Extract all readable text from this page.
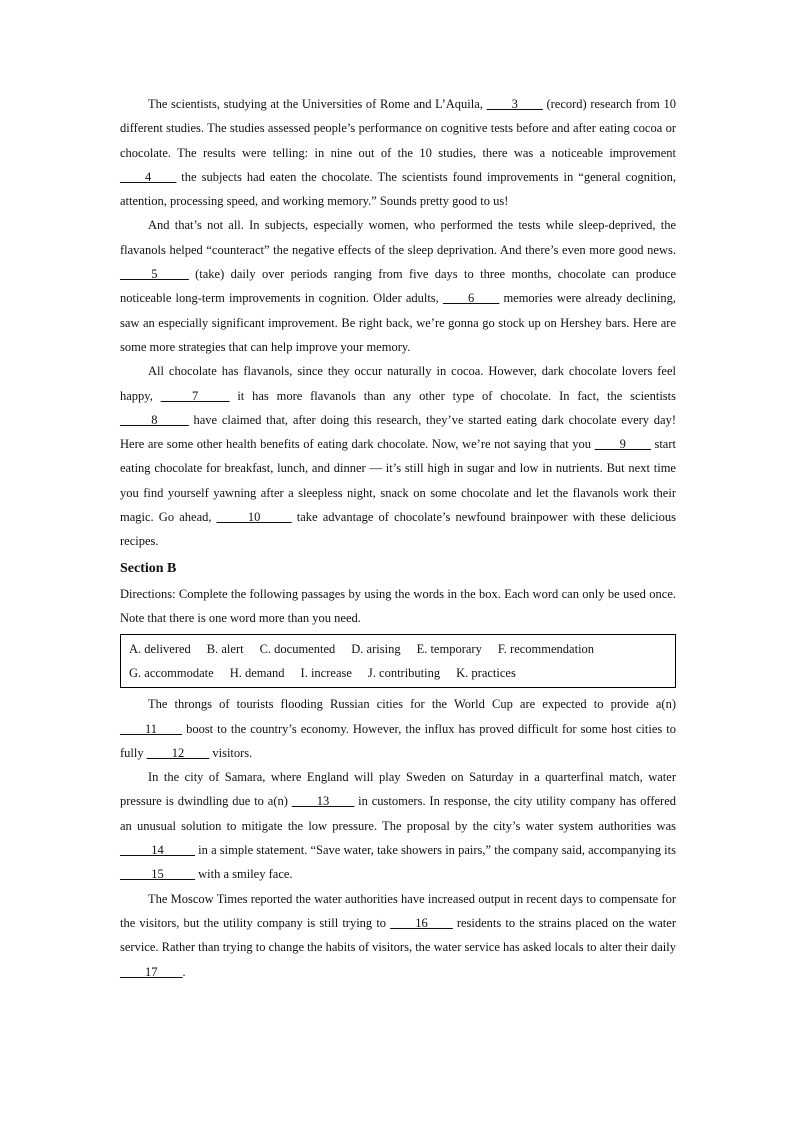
The scientists, studying at the Universities of Rome and L’Aquila, ____3____ (record) research from 10 different studies. The studies assessed people’s performance on cognitive tests before and after eating cocoa or chocolate. The results were telling: in nine out of the 10 studies, there was a noticeable improvement ____4____ the subjects had eaten the chocolate. The scientists found improvements in “general cognition, attention, processing speed, and working memory.” Sounds pretty good to us!

And that’s not all. In subjects, especially women, who performed the tests while sleep-deprived, the flavanols helped “counteract” the negative effects of the sleep deprivation. And there’s even more good news. _____5_____ (take) daily over periods ranging from five days to three months, chocolate can produce noticeable long-term improvements in cognition. Older adults, ____6____ memories were already declining, saw an especially significant improvement. Be right back, we’re gonna go stock up on Hershey bars. Here are some more strategies that can help improve your memory.

All chocolate has flavanols, since they occur naturally in cocoa. However, dark chocolate lovers feel happy, _____7_____ it has more flavanols than any other type of chocolate. In fact, the scientists _____8_____ have claimed that, after doing this research, they’ve started eating dark chocolate every day! Here are some other health benefits of eating dark chocolate. Now, we’re not saying that you ____9____ start eating chocolate for breakfast, lunch, and dinner — it’s still high in sugar and low in nutrients. But next time you find yourself yawning after a sleepless night, snack on some chocolate and let the flavanols work their magic. Go ahead, _____10_____ take advantage of chocolate’s newfound brainpower with these delicious recipes.

Section B

Directions: Complete the following passages by using the words in the box. Each word can only be used once. Note that there is one word more than you need.

A. delivered B. alert C. documented D. arising E. temporary F. recommendation
G. accommodate H. demand I. increase J. contributing K. practices

The throngs of tourists flooding Russian cities for the World Cup are expected to provide a(n) ____11____ boost to the country’s economy. However, the influx has proved difficult for some host cities to fully ____12____ visitors.

In the city of Samara, where England will play Sweden on Saturday in a quarterfinal match, water pressure is dwindling due to a(n) ____13____ in customers. In response, the city utility company has offered an unusual solution to mitigate the low pressure. The proposal by the city’s water system authorities was _____14_____ in a simple statement. “Save water, take showers in pairs,” the company said, accompanying its _____15_____ with a smiley face.

The Moscow Times reported the water authorities have increased output in recent days to compensate for the visitors, but the utility company is still trying to ____16____ residents to the strains placed on the water service. Rather than trying to change the habits of visitors, the water service has asked locals to alter their daily ____17____.
